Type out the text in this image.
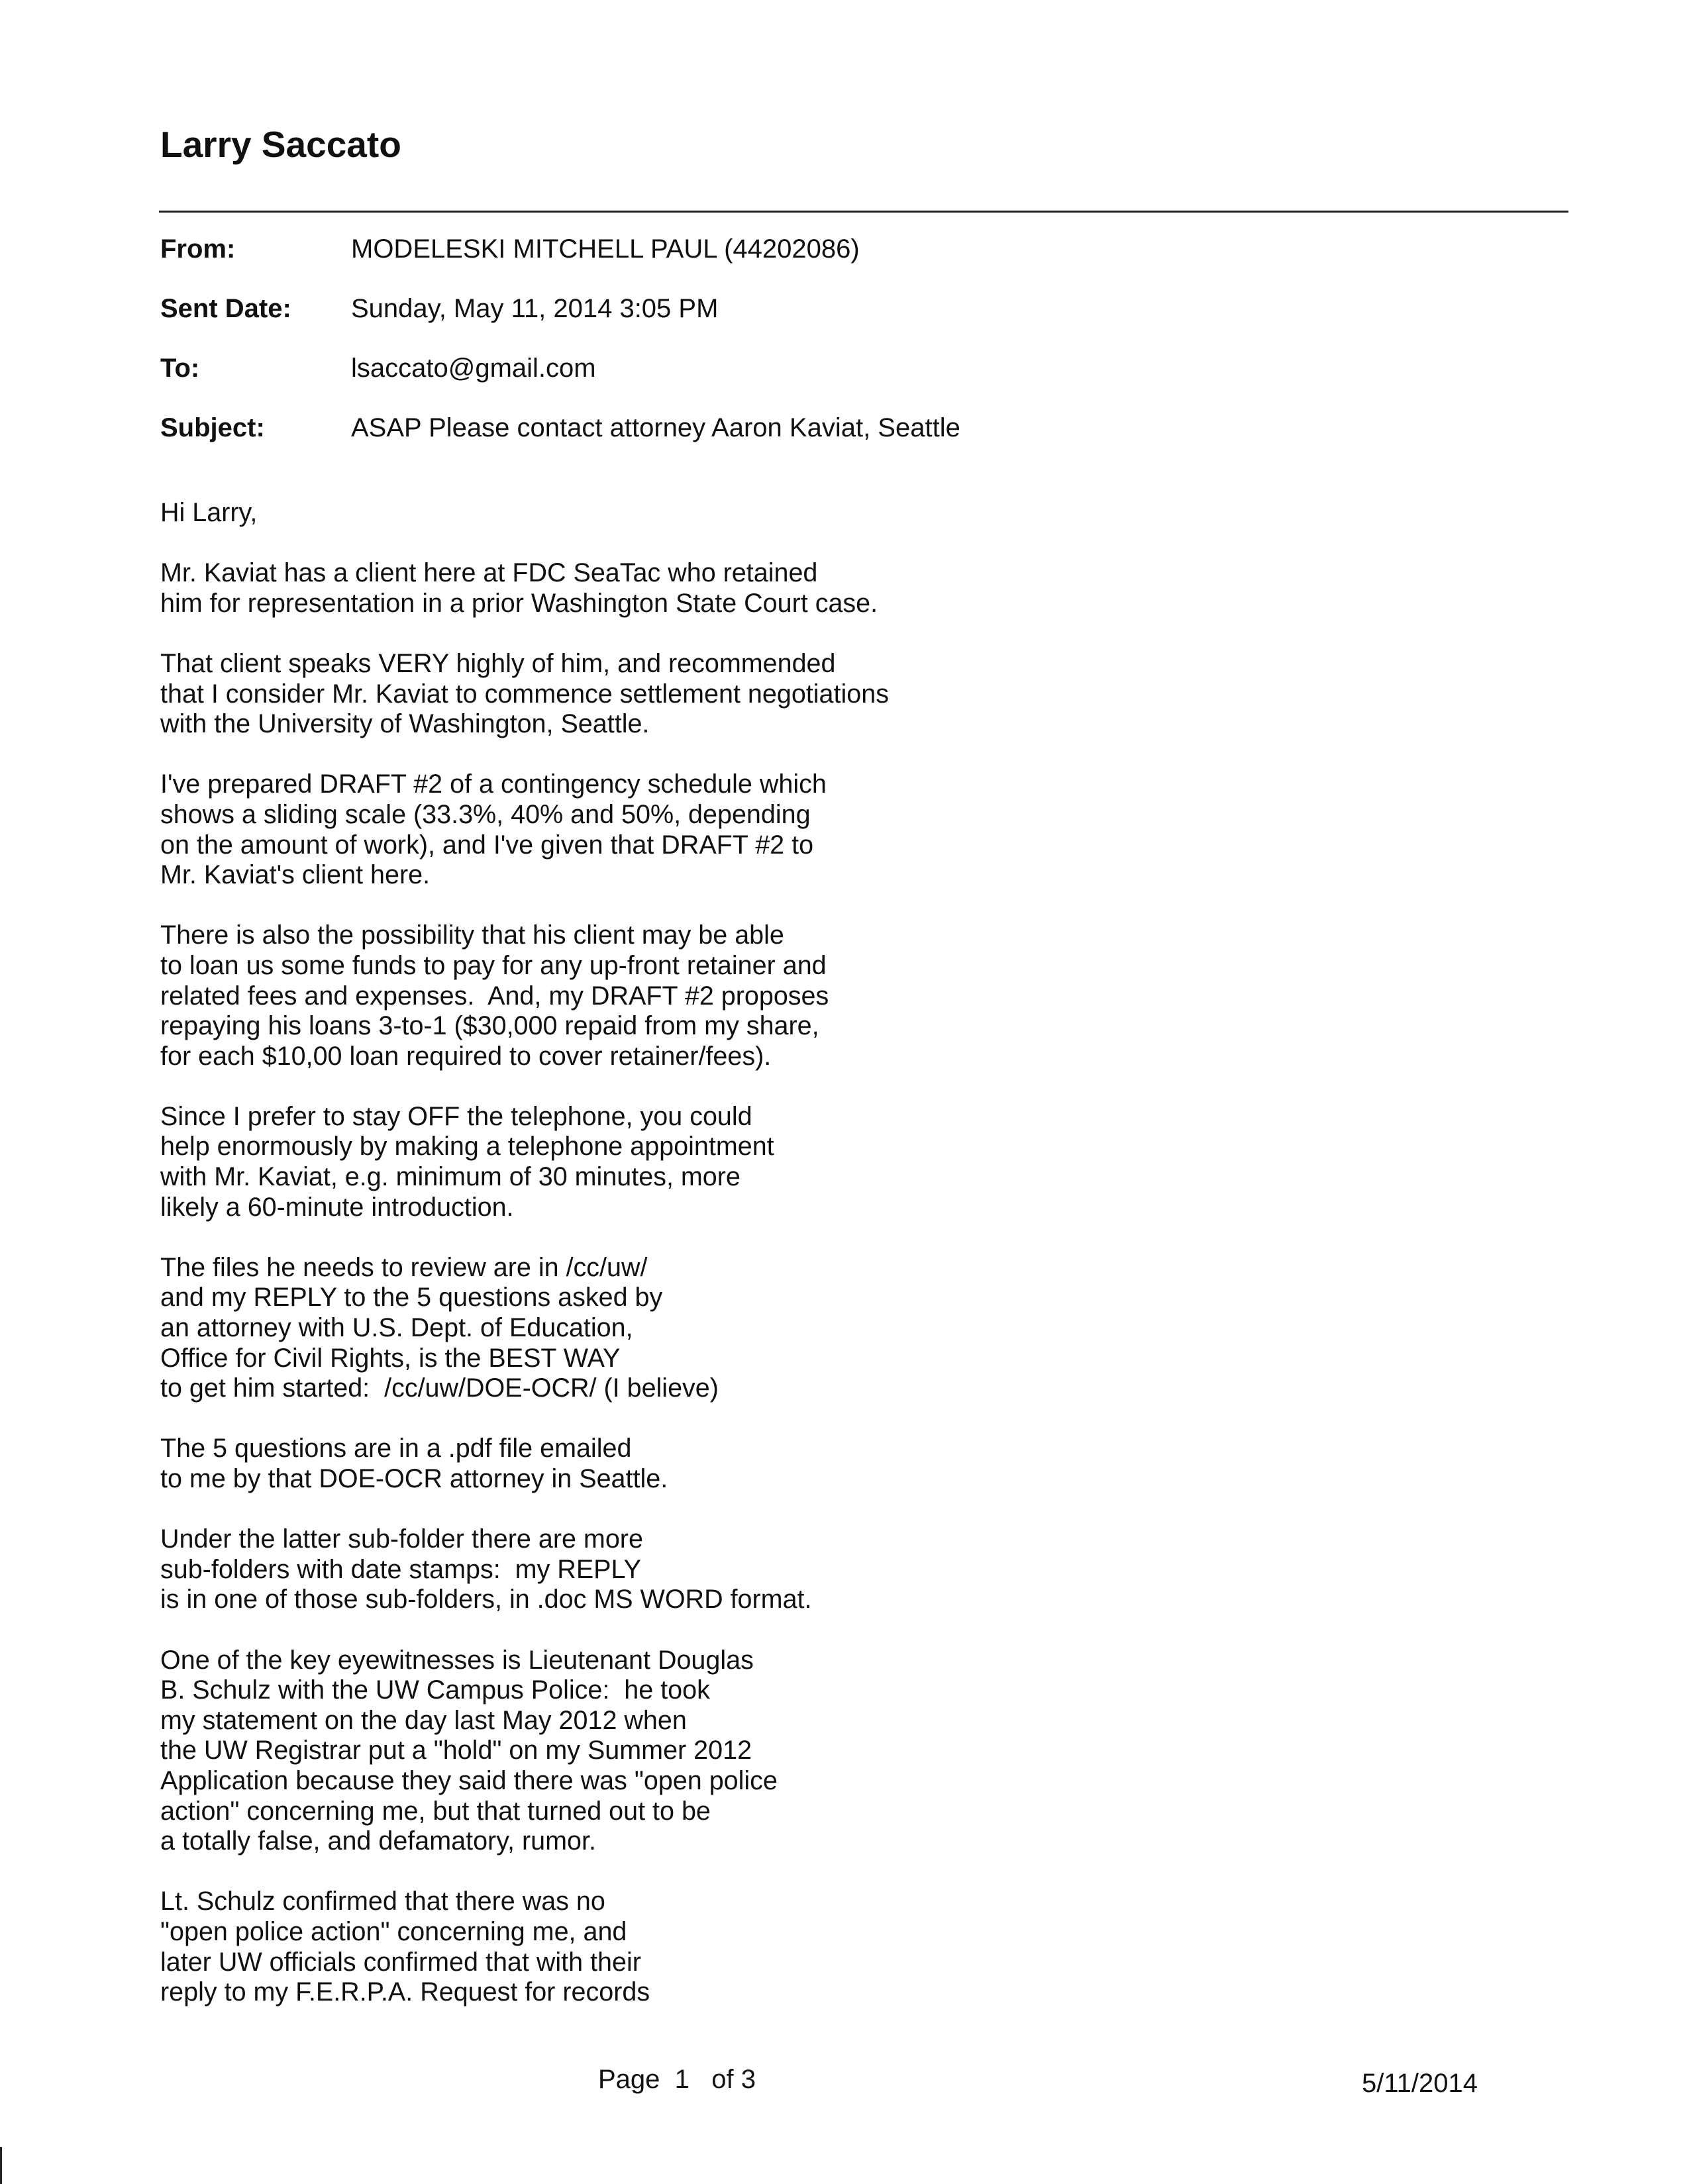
Larry Saccato
From:	MODELESKI MITCHELL PAUL (44202086)
Sent Date: Sunday, May 11, 2014 3:05 PM
To:	lsaccato@gmail.com
Subject:	ASAP Please contact attorney Aaron Kaviat, Seattle
Hi Larry,
Mr. Kaviat has a client here at FDC SeaTac who retained
him for representation in a prior Washington State Court case.
That client speaks VERY highly of him, and recommended
that I consider Mr. Kaviat to commence settlement negotiations
with the University of Washington, Seattle.
I've prepared DRAFT #2 of a contingency schedule which
shows a sliding scale (33.3%, 40% and 50%, depending
on the amount of work), and I've given that DRAFT #2 to
Mr. Kaviat's client here.
There is also the possibility that his client may be able
to loan us some funds to pay for any up-front retainer and
related fees and expenses.  And, my DRAFT #2 proposes
repaying his loans 3-to-1 ($30,000 repaid from my share,
for each $10,00 loan required to cover retainer/fees).
Since I prefer to stay OFF the telephone, you could
help enormously by making a telephone appointment
with Mr. Kaviat, e.g. minimum of 30 minutes, more
likely a 60-minute introduction.
The files he needs to review are in /cc/uw/
and my REPLY to the 5 questions asked by
an attorney with U.S. Dept. of Education,
Office for Civil Rights, is the BEST WAY
to get him started:  /cc/uw/DOE-OCR/ (I believe)
The 5 questions are in a .pdf file emailed
to me by that DOE-OCR attorney in Seattle.
Under the latter sub-folder there are more
sub-folders with date stamps:  my REPLY
is in one of those sub-folders, in .doc MS WORD format.
One of the key eyewitnesses is Lieutenant Douglas
B. Schulz with the UW Campus Police:  he took
my statement on the day last May 2012 when
the UW Registrar put a "hold" on my Summer 2012
Application because they said there was "open police
action" concerning me, but that turned out to be
a totally false, and defamatory, rumor.
Lt. Schulz confirmed that there was no
"open police action" concerning me, and
later UW officials confirmed that with their
reply to my F.E.R.P.A. Request for records
Page  1   of 3	5/11/2014
